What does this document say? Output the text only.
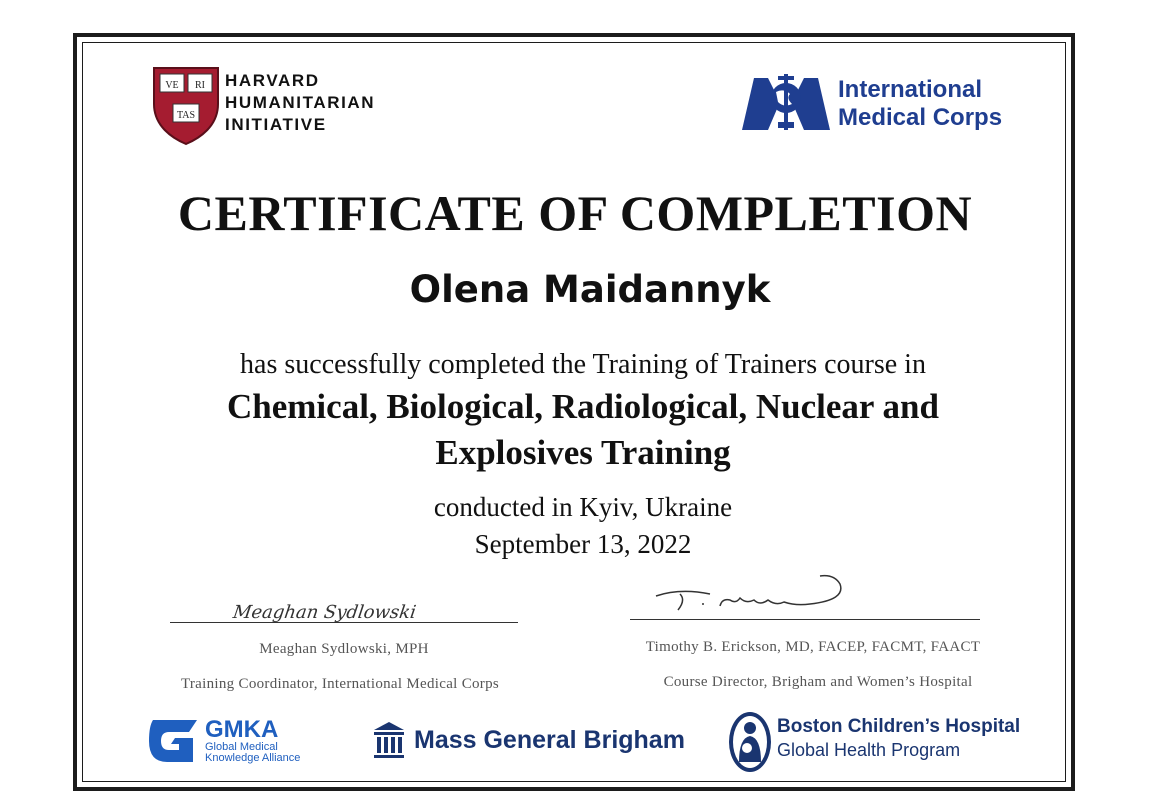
VE RI
TAS
HARVARD
HUMANITARIAN
INITIATIVE
International
Medical Corps
CERTIFICATE OF COMPLETION
Olena Maidannyk
has successfully completed the Training of Trainers course in
Chemical, Biological, Radiological, Nuclear and
Explosives Training
conducted in Kyiv, Ukraine
September 13, 2022
Meaghan Sydlowski
Meaghan Sydlowski, MPH
Training Coordinator, International Medical Corps
Timothy B. Erickson, MD, FACEP, FACMT, FAACT
Course Director, Brigham and Women’s Hospital
GMKA
Global Medical
Knowledge Alliance
Mass General Brigham	Boston Children’s Hospital
Global Health Program
